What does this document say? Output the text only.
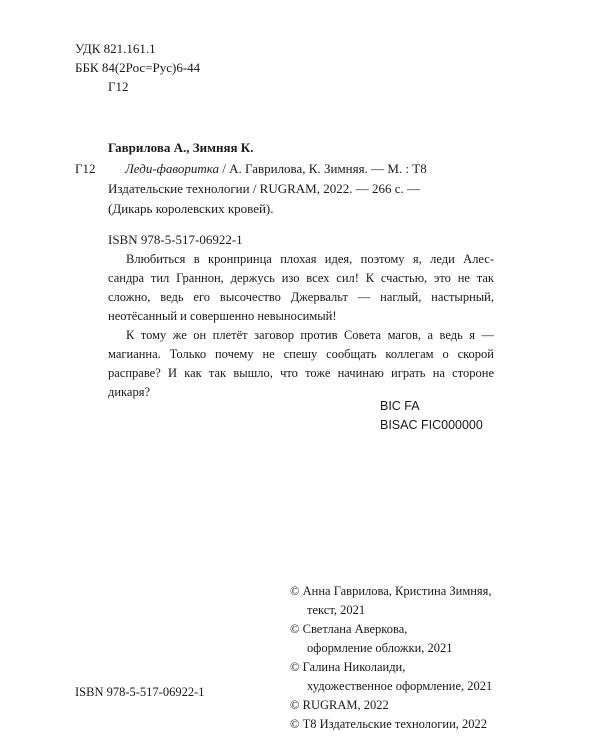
УДК 821.161.1
ББК 84(2Рос=Рус)6-44
Г12
Гаврилова А., Зимняя К.
Г12 Леди-фаворитка / А. Гаврилова, К. Зимняя. — М. : Т8
Издательские технологии / RUGRAM, 2022. — 266 с. —
(Дикарь королевских кровей).
ISBN 978-5-517-06922-1
Влюбиться в кронпринца плохая идея, поэтому я, леди Алес-
сандра тил Граннон, держусь изо всех сил! К счастью, это не так
сложно, ведь его высочество Джервальт — наглый, настырный,
неотёсанный и совершенно невыносимый!
К тому же он плетёт заговор против Совета магов, а ведь я —
магианна. Только почему не спешу сообщать коллегам о скорой
расправе? И как так вышло, что тоже начинаю играть на стороне
дикаря?
BIC FA
BISAC FIC000000
ISBN 978-5-517-06922-1
© Анна Гаврилова, Кристина Зимняя,
текст, 2021
© Светлана Аверкова,
оформление обложки, 2021
© Галина Николаиди,
художественное оформление, 2021
© RUGRAM, 2022
© Т8 Издательские технологии, 2022
